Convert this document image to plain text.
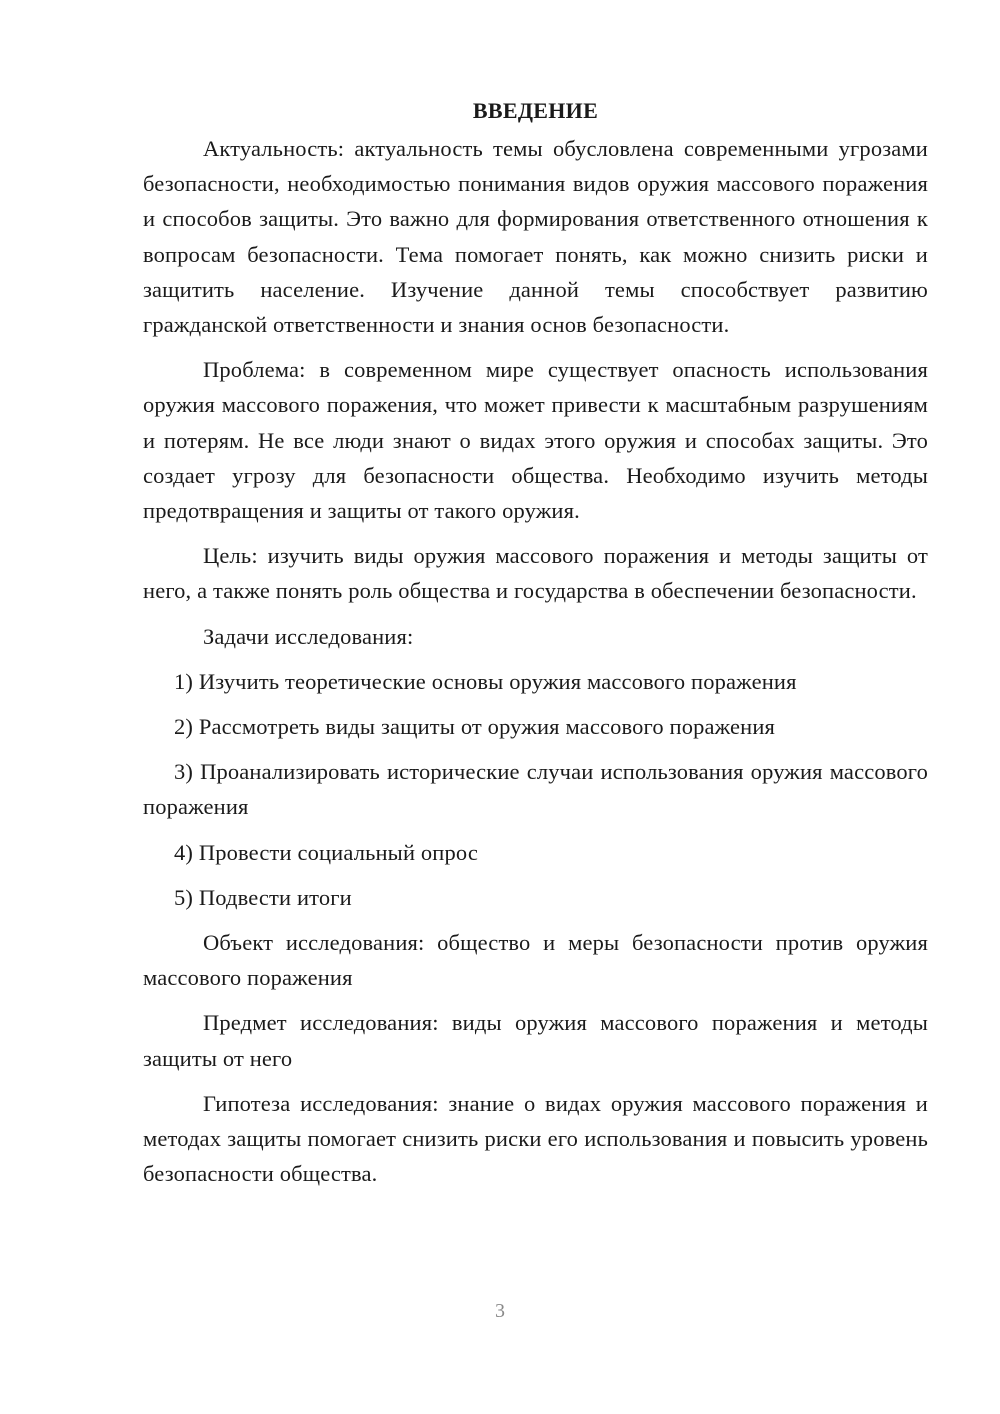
ВВЕДЕНИЕ

Актуальность: актуальность темы обусловлена современными угрозами безопасности, необходимостью понимания видов оружия массового поражения и способов защиты. Это важно для формирования ответственного отношения к вопросам безопасности. Тема помогает понять, как можно снизить риски и защитить население. Изучение данной темы способствует развитию гражданской ответственности и знания основ безопасности.

Проблема: в современном мире существует опасность использования оружия массового поражения, что может привести к масштабным разрушениям и потерям. Не все люди знают о видах этого оружия и способах защиты. Это создает угрозу для безопасности общества. Необходимо изучить методы предотвращения и защиты от такого оружия.

Цель: изучить виды оружия массового поражения и методы защиты от него, а также понять роль общества и государства в обеспечении безопасности.

Задачи исследования:

1) Изучить теоретические основы оружия массового поражения

2) Рассмотреть виды защиты от оружия массового поражения

3) Проанализировать исторические случаи использования оружия массового поражения

4) Провести социальный опрос

5) Подвести итоги

Объект исследования: общество и меры безопасности против оружия массового поражения

Предмет исследования: виды оружия массового поражения и методы защиты от него

Гипотеза исследования: знание о видах оружия массового поражения и методах защиты помогает снизить риски его использования и повысить уровень безопасности общества.

3
